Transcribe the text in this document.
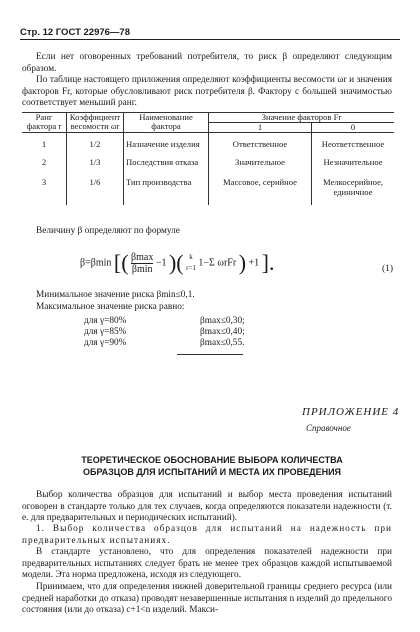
Стр. 12 ГОСТ 22976—78
Если нет оговоренных требований потребителя, то риск β определяют следующим образом.
По таблице настоящего приложения определяют коэффициенты весомости ωr и значения факторов Fr, которые обусловливают риск потребителя β. Фактору с большей значимостью соответствует меньший ранг.
Ранг фактора r	Коэффициент весомости ωr	Наименование фактора	Значение факторов Fr	
			1	0
1	1/2	Назначение изделия	Ответственное	Неответственное
2	1/3	Последствия отказа	Значительное	Незначительное
3	1/6	Тип производства	Массовое, серийное	Мелкосерийное, единичное
Величину β определяют по формуле
β=βmin [( $\frac{\beta\max}{\beta\min} -1$ )( k
r=1 1−Σ ωrFr ) +1 ].	(1)
Минимальное значение риска βmin≤0,1.
Максимальное значение риска равно:
для γ=80%	βmax≤0,30;
для γ=85%	βmax≤0,40;
для γ=90%	βmax≤0,55.
ПРИЛОЖЕНИЕ 4
Справочное
ТЕОРЕТИЧЕСКОЕ ОБОСНОВАНИЕ ВЫБОРА КОЛИЧЕСТВА
ОБРАЗЦОВ ДЛЯ ИСПЫТАНИЙ И МЕСТА ИХ ПРОВЕДЕНИЯ
Выбор количества образцов для испытаний и выбор места проведения испытаний оговорен в стандарте только для тех случаев, когда определяются показатели надежности (т. е. для предварительных и периодических испытаний).
1. Выбор количества образцов для испытаний на надежность при предварительных испытаниях.
В стандарте установлено, что для определения показателей надежности при предварительных испытаниях следует брать не менее трех образцов каждой испытываемой модели. Эта норма предложена, исходя из следующего.
Принимаем, что для определения нижней доверительной границы среднего ресурса (или средней наработки до отказа) проводят незавершенные испытания n изделий до предельного состояния (или до отказа) c+1<n изделий. Макси-
